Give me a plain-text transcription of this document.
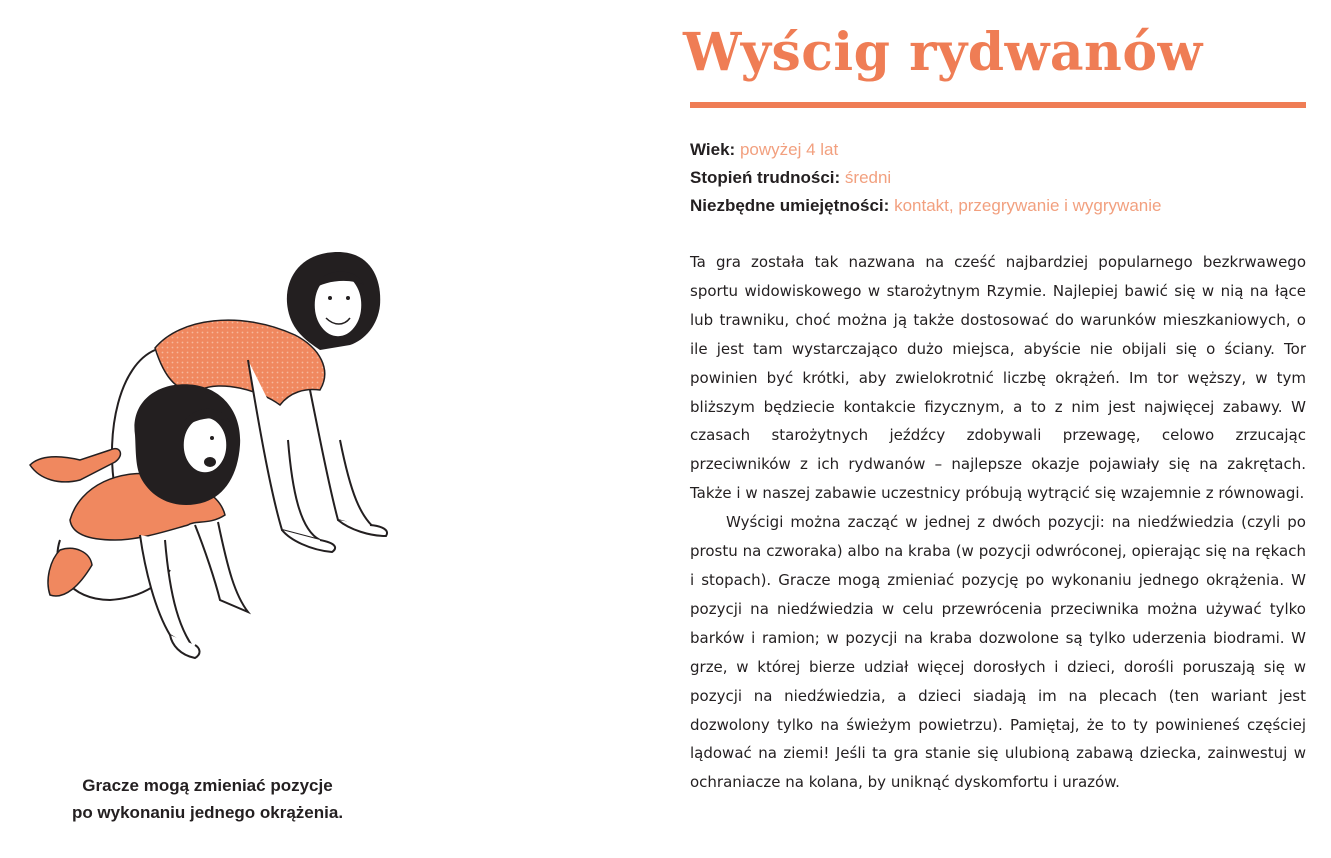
Gracze mogą zmieniać pozycje
po wykonaniu jednego okrążenia.
Wyścig rydwanów
Wiek: powyżej 4 lat
Stopień trudności: średni
Niezbędne umiejętności: kontakt, przegrywanie i wygrywanie

Ta gra została tak nazwana na cześć najbardziej popularnego bezkrwawego sportu widowiskowego w starożytnym Rzymie. Najlepiej bawić się w nią na łące lub trawniku, choć można ją także dostosować do warunków mieszkaniowych, o ile jest tam wystarczająco dużo miejsca, abyście nie obijali się o ściany. Tor powinien być krótki, aby zwielokrotnić liczbę okrążeń. Im tor węższy, w tym bliższym będziecie kontakcie fizycznym, a to z nim jest najwięcej zabawy. W czasach starożytnych jeźdźcy zdobywali przewagę, celowo zrzucając przeciwników z ich rydwanów – najlepsze okazje pojawiały się na zakrętach. Także i w naszej zabawie uczestnicy próbują wytrącić się wzajemnie z równowagi.

Wyścigi można zacząć w jednej z dwóch pozycji: na niedźwiedzia (czyli po prostu na czworaka) albo na kraba (w pozycji odwróconej, opierając się na rękach i stopach). Gracze mogą zmieniać pozycję po wykonaniu jednego okrążenia. W pozycji na niedźwiedzia w celu przewrócenia przeciwnika można używać tylko barków i ramion; w pozycji na kraba dozwolone są tylko uderzenia biodrami. W grze, w której bierze udział więcej dorosłych i dzieci, dorośli poruszają się w pozycji na niedźwiedzia, a dzieci siadają im na plecach (ten wariant jest dozwolony tylko na świeżym powietrzu). Pamiętaj, że to ty powinieneś częściej lądować na ziemi! Jeśli ta gra stanie się ulubioną zabawą dziecka, zainwestuj w ochraniacze na kolana, by uniknąć dyskomfortu i urazów.
